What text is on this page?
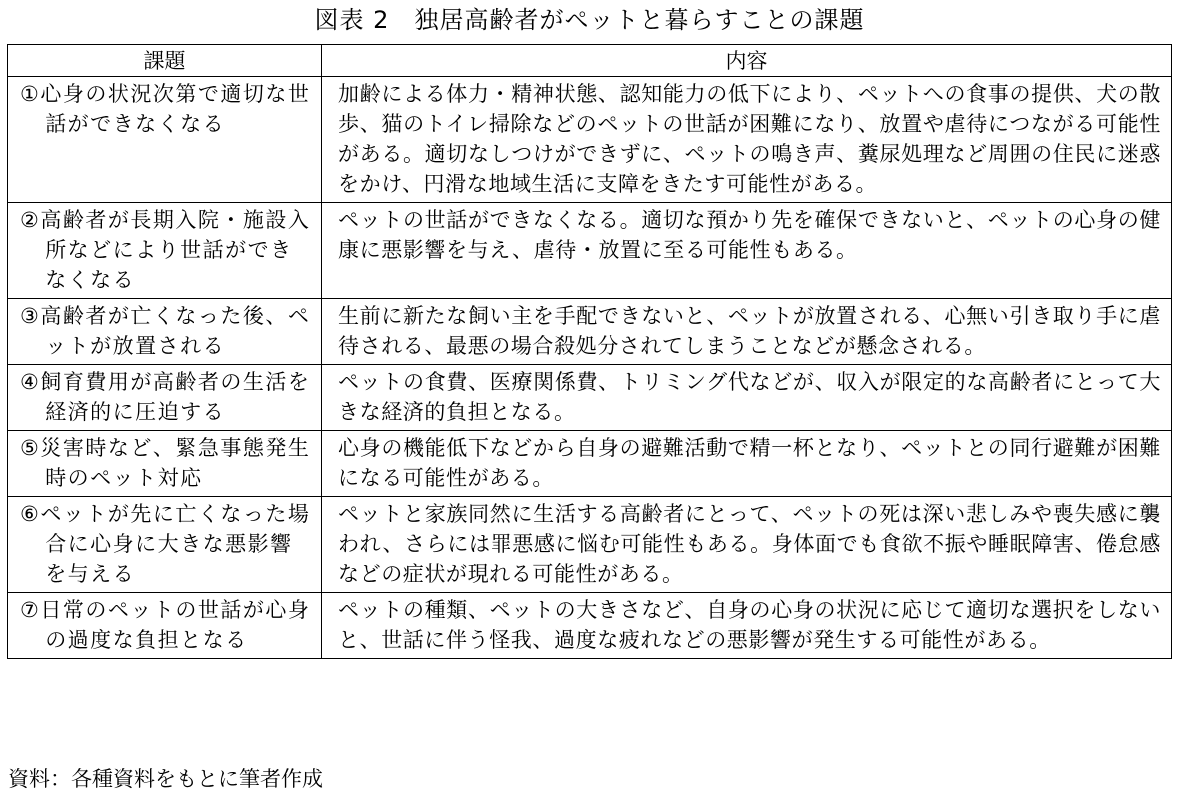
図表 2　独居高齢者がペットと暮らすことの課題
課題	内容

①心身の状況次第で適切な世話ができなくなる	加齢による体力・精神状態、認知能力の低下により、ペットへの食事の提供、犬の散歩、猫のトイレ掃除などのペットの世話が困難になり、放置や虐待につながる可能性がある。適切なしつけができずに、ペットの鳴き声、糞尿処理など周囲の住民に迷惑をかけ、円滑な地域生活に支障をきたす可能性がある。

②高齢者が長期入院・施設入所などにより世話ができなくなる	ペットの世話ができなくなる。適切な預かり先を確保できないと、ペットの心身の健康に悪影響を与え、虐待・放置に至る可能性もある。

③高齢者が亡くなった後、ペットが放置される	生前に新たな飼い主を手配できないと、ペットが放置される、心無い引き取り手に虐待される、最悪の場合殺処分されてしまうことなどが懸念される。

④飼育費用が高齢者の生活を経済的に圧迫する	ペットの食費、医療関係費、トリミング代などが、収入が限定的な高齢者にとって大きな経済的負担となる。

⑤災害時など、緊急事態発生時のペット対応	心身の機能低下などから自身の避難活動で精一杯となり、ペットとの同行避難が困難になる可能性がある。

⑥ペットが先に亡くなった場合に心身に大きな悪影響を与える	ペットと家族同然に生活する高齢者にとって、ペットの死は深い悲しみや喪失感に襲われ、さらには罪悪感に悩む可能性もある。身体面でも食欲不振や睡眠障害、倦怠感などの症状が現れる可能性がある。

⑦日常のペットの世話が心身の過度な負担となる	ペットの種類、ペットの大きさなど、自身の心身の状況に応じて適切な選択をしないと、世話に伴う怪我、過度な疲れなどの悪影響が発生する可能性がある。
資料：各種資料をもとに筆者作成
